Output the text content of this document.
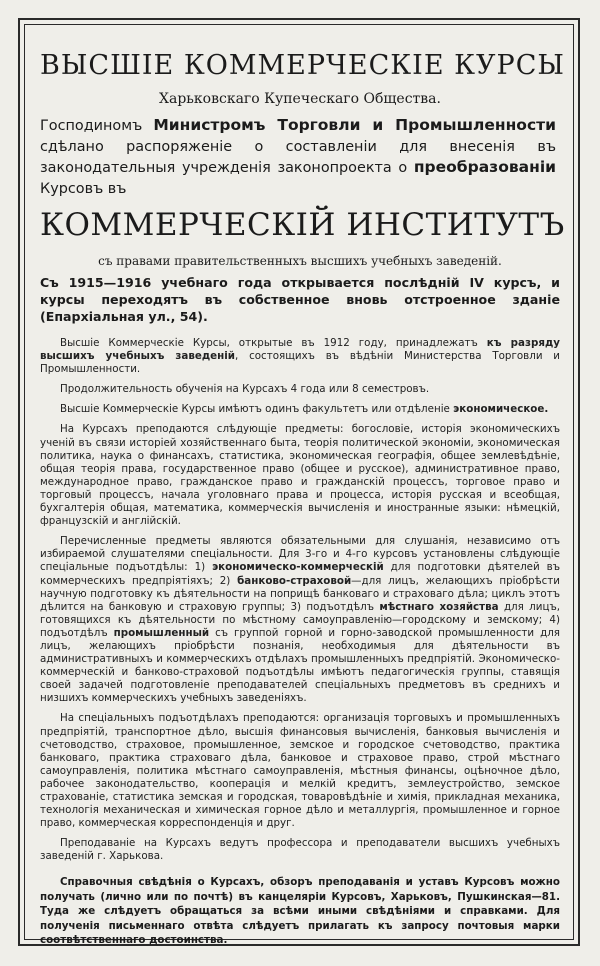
ВЫСШІЕ КОММЕРЧЕСКІЕ КУРСЫ
Харьковскаго Купеческаго Общества.
Господиномъ Министромъ Торговли и Промышленности сдѣлано распоряженіе о составленіи для внесенія въ законодательныя учрежденія законопроекта о преобразованіи Курсовъ въ
КОММЕРЧЕСКІЙ ИНСТИТУТЪ
съ правами правительственныхъ высшихъ учебныхъ заведеній.
Съ 1915—1916 учебнаго года открывается послѣдній IV курсъ, и курсы переходятъ въ собственное вновь отстроенное зданіе (Епархіальная ул., 54).

Высшіе Коммерческіе Курсы, открытые въ 1912 году, принадлежатъ къ разряду высшихъ учебныхъ заведеній, состоящихъ въ вѣдѣніи Министерства Торговли и Промышленности.

Продолжительность обученія на Курсахъ 4 года или 8 семестровъ.

Высшіе Коммерческіе Курсы имѣютъ одинъ факультетъ или отдѣленіе экономическое.

На Курсахъ преподаются слѣдующіе предметы: богословіе, исторія экономическихъ ученій въ связи исторіей хозяйственнаго быта, теорія политической экономіи, экономическая политика, наука о финансахъ, статистика, экономическая географія, общее землевѣдѣніе, общая теорія права, государственное право (общее и русское), административное право, международное право, гражданское право и гражданскій процессъ, торговое право и торговый процессъ, начала уголовнаго права и процесса, исторія русская и всеобщая, бухгалтерія общая, математика, коммерческія вычисленія и иностранные языки: нѣмецкій, французскій и англійскій.

Перечисленные предметы являются обязательными для слушанія, независимо отъ избираемой слушателями спеціальности. Для 3-го и 4-го курсовъ установлены слѣдующіе спеціальные подъотдѣлы: 1) экономическо-коммерческій для подготовки дѣятелей въ коммерческихъ предпріятіяхъ; 2) банковo-страховой—для лицъ, желающихъ пріобрѣсти научную подготовку къ дѣятельности на поприщѣ банковаго и страховаго дѣла; циклъ этотъ дѣлится на банковую и страховую группы; 3) подъотдѣлъ мѣстнаго хозяйства для лицъ, готовящихся къ дѣятельности по мѣстному самоуправленію—городскому и земскому; 4) подъотдѣлъ промышленный съ группой горной и горно-заводской промышленности для лицъ, желающихъ пріобрѣсти познанія, необходимыя для дѣятельности въ административныхъ и коммерческихъ отдѣлахъ промышленныхъ предпріятій. Экономическо-коммерческій и банково-страховой подъотдѣлы имѣютъ педагогическія группы, ставящія своей задачей подготовленіе преподавателей спеціальныхъ предметовъ въ среднихъ и низшихъ коммерческихъ учебныхъ заведеніяхъ.

На спеціальныхъ подъотдѣлахъ преподаются: организація торговыхъ и промышленныхъ предпріятій, транспортное дѣло, высшія финансовыя вычисленія, банковыя вычисленія и счетоводство, страховое, промышленное, земское и городское счетоводство, практика банковаго, практика страховаго дѣла, банковое и страховое право, строй мѣстнаго самоуправленія, политика мѣстнаго самоуправленія, мѣстныя финансы, оцѣночное дѣло, рабочее законодательство, кооперація и мелкій кредитъ, землеустройство, земское страхованіе, статистика земская и городская, товаровѣдѣніе и химія, прикладная механика, технологія механическая и химическая горное дѣло и металлургія, промышленное и горное право, коммерческая корреспонденція и друг.

Преподаваніе на Курсахъ ведутъ профессора и преподаватели высшихъ учебныхъ заведеній г. Харькова.

Справочныя свѣдѣнія о Курсахъ, обзоръ преподаванія и уставъ Курсовъ можно получать (лично или по почтѣ) въ канцеляріи Курсовъ, Харьковъ, Пушкинская—81. Туда же слѣдуетъ обращаться за всѣми иными свѣдѣніями и справками. Для полученія письменнаго отвѣта слѣдуетъ прилагать къ запросу почтовыя марки соотвѣтственнаго достоинства.
